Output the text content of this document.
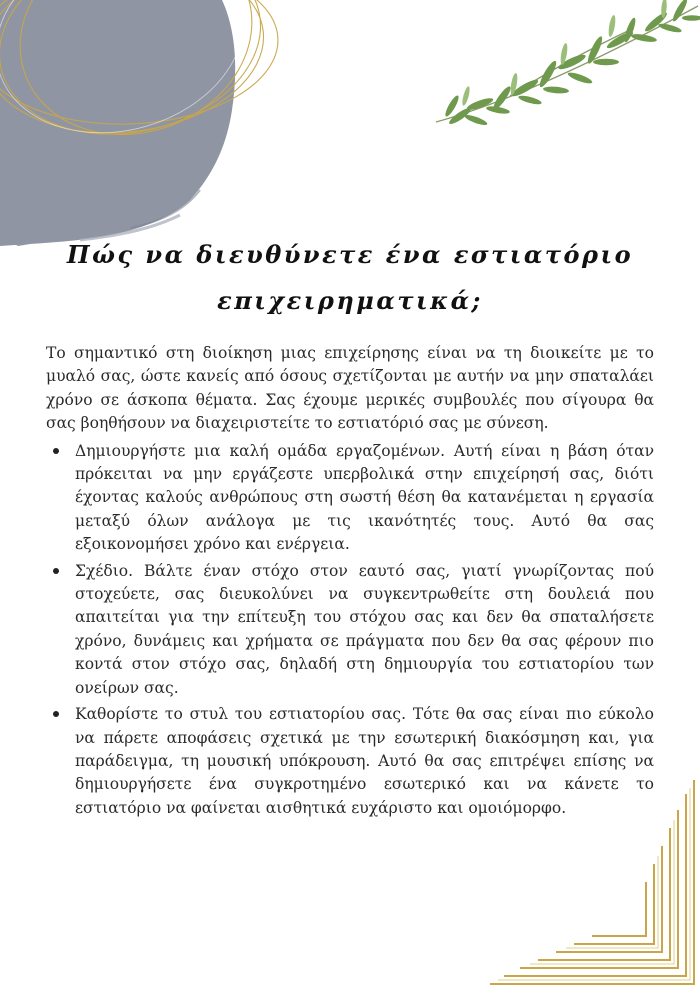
Πώς να διευθύνετε ένα εστιατόριο
επιχειρηματικά;

Το σημαντικό στη διοίκηση μιας επιχείρησης είναι να τη διοικείτε με το μυαλό σας, ώστε κανείς από όσους σχετίζονται με αυτήν να μην σπαταλάει χρόνο σε άσκοπα θέματα. Σας έχουμε μερικές συμβουλές που σίγουρα θα σας βοηθήσουν να διαχειριστείτε το εστιατόριό σας με σύνεση.

Δημιουργήστε μια καλή ομάδα εργαζομένων. Αυτή είναι η βάση όταν πρόκειται να μην εργάζεστε υπερβολικά στην επιχείρησή σας, διότι έχοντας καλούς ανθρώπους στη σωστή θέση θα κατανέμεται η εργασία μεταξύ όλων ανάλογα με τις ικανότητές τους. Αυτό θα σας εξοικονομήσει χρόνο και ενέργεια.
Σχέδιο. Βάλτε έναν στόχο στον εαυτό σας, γιατί γνωρίζοντας πού στοχεύετε, σας διευκολύνει να συγκεντρωθείτε στη δουλειά που απαιτείται για την επίτευξη του στόχου σας και δεν θα σπαταλήσετε χρόνο, δυνάμεις και χρήματα σε πράγματα που δεν θα σας φέρουν πιο κοντά στον στόχο σας, δηλαδή στη δημιουργία του εστιατορίου των ονείρων σας.
Καθορίστε το στυλ του εστιατορίου σας. Τότε θα σας είναι πιο εύκολο να πάρετε αποφάσεις σχετικά με την εσωτερική διακόσμηση και, για παράδειγμα, τη μουσική υπόκρουση. Αυτό θα σας επιτρέψει επίσης να δημιουργήσετε ένα συγκροτημένο εσωτερικό και να κάνετε το εστιατόριο να φαίνεται αισθητικά ευχάριστο και ομοιόμορφο.
